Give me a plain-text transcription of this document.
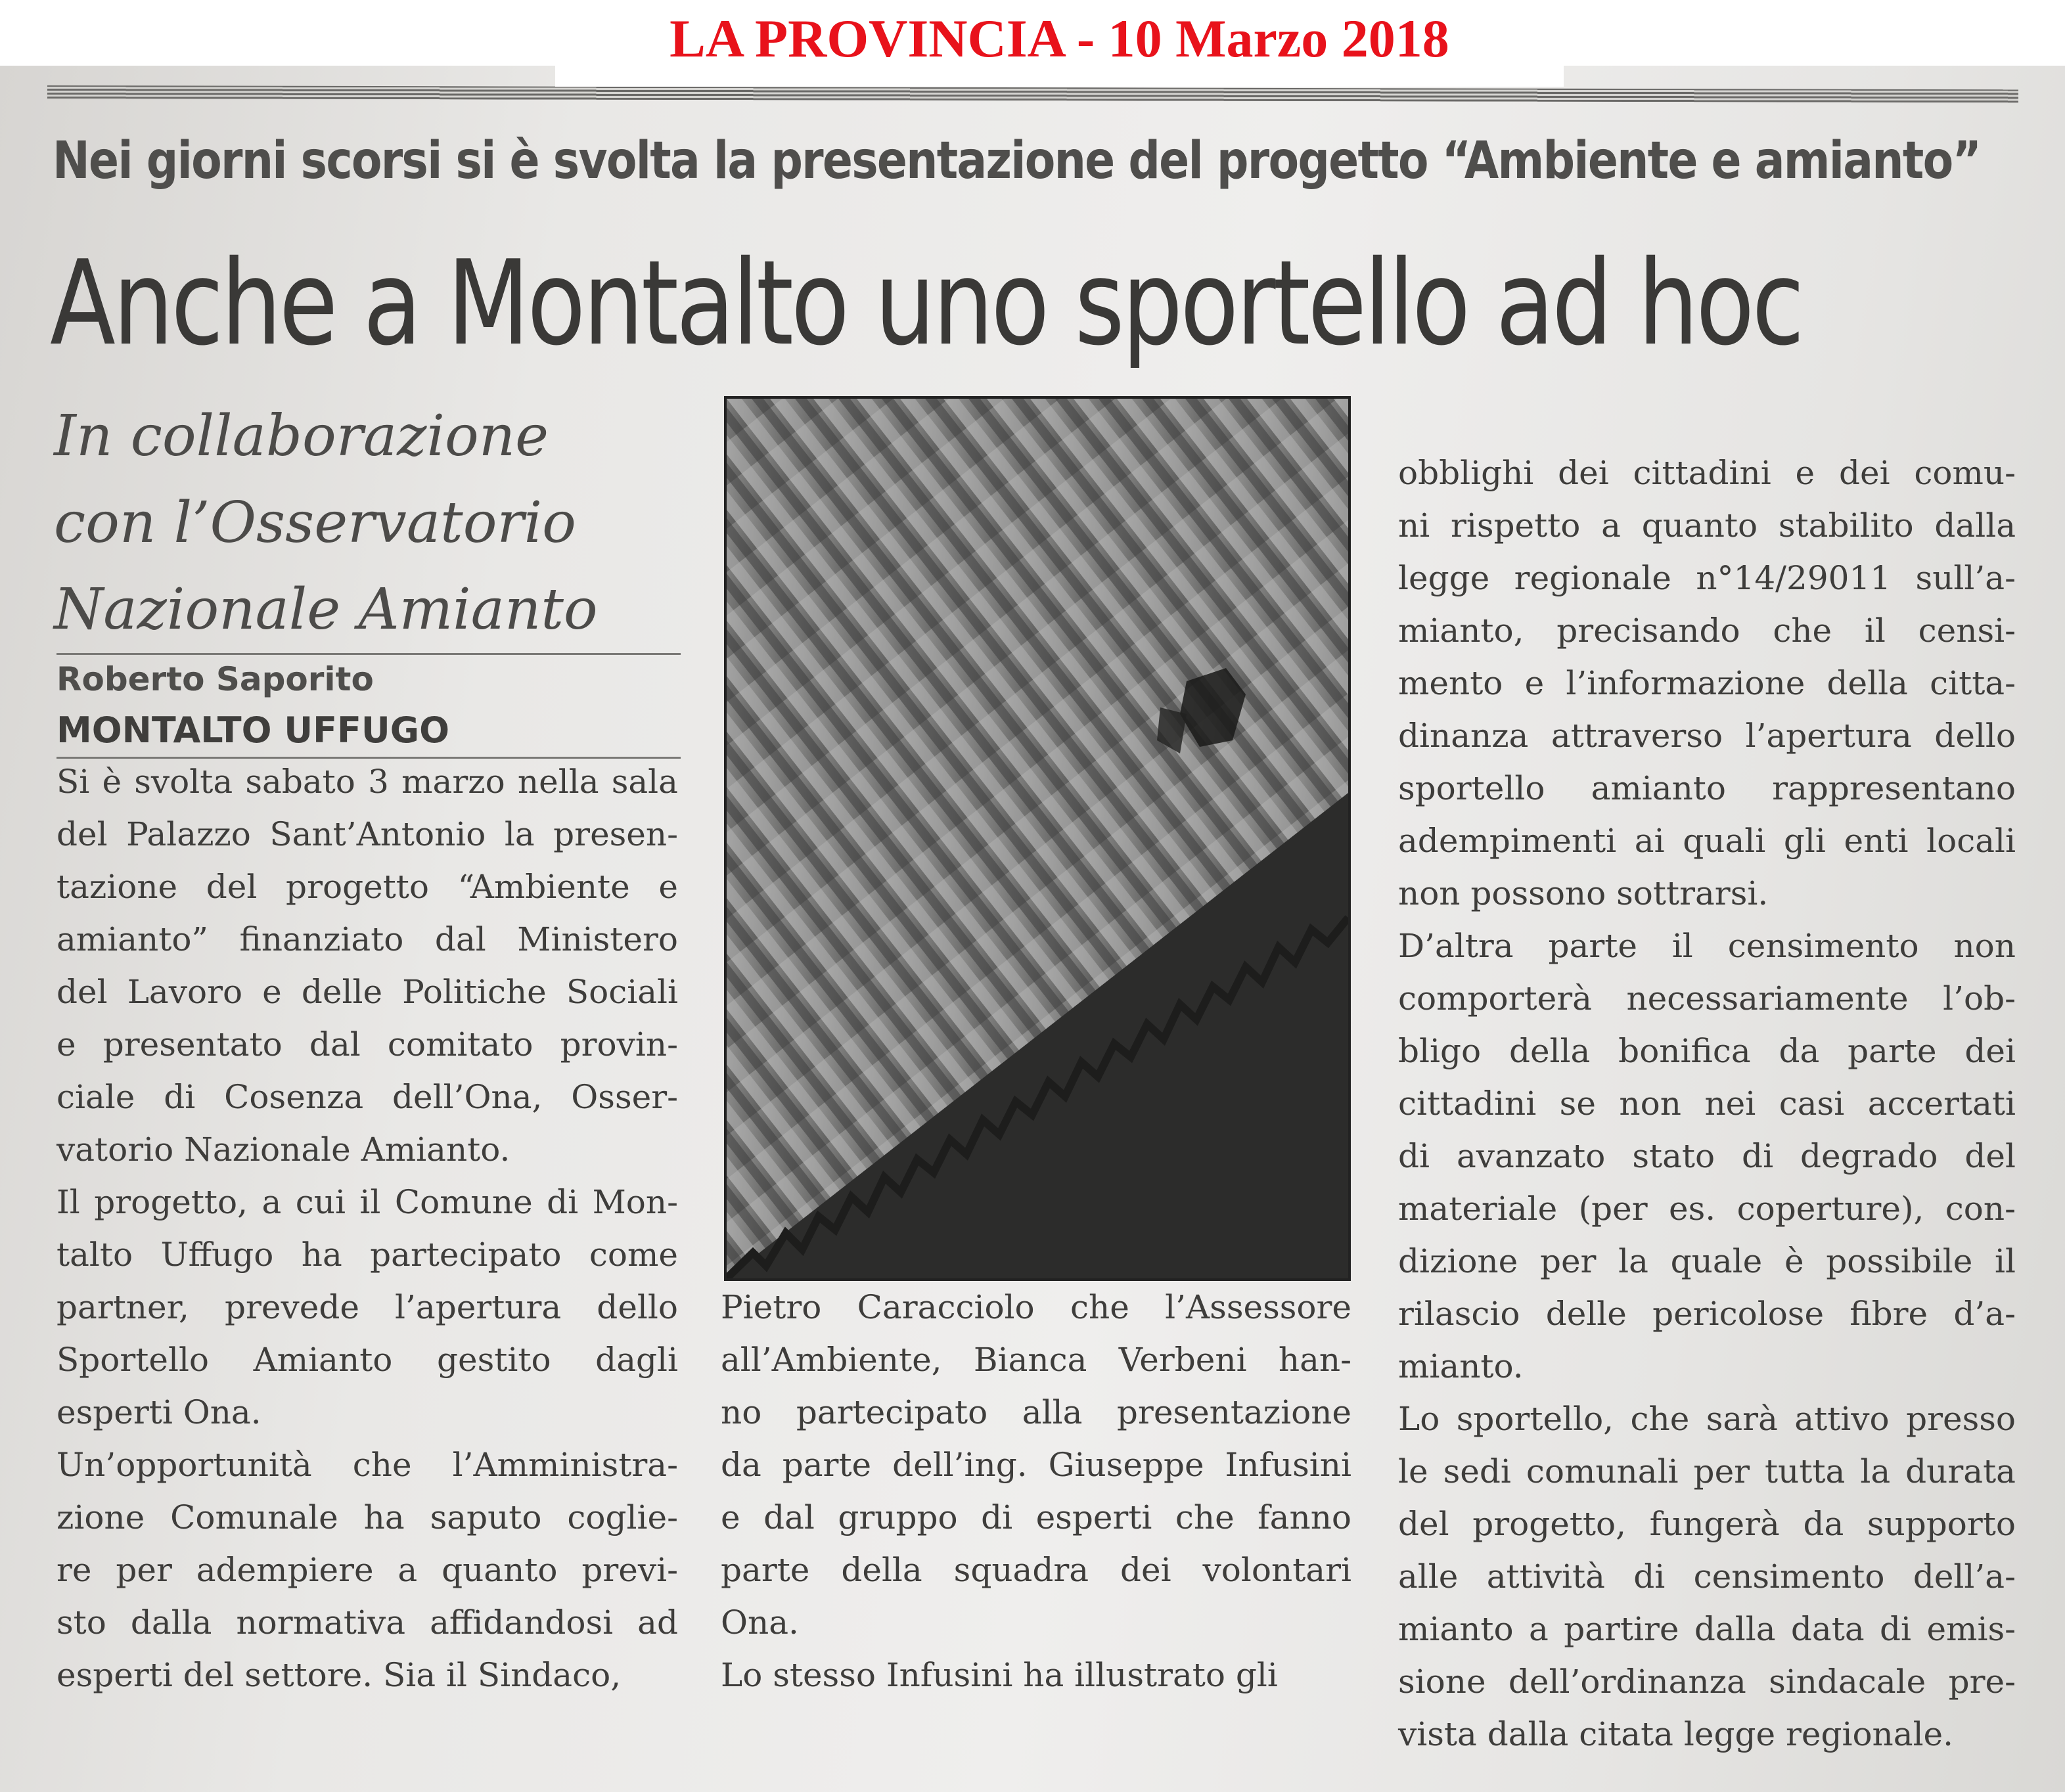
LA PROVINCIA - 10 Marzo 2018
Nei giorni scorsi si è svolta la presentazione del progetto “Ambiente e amianto”
Anche a Montalto uno sportello ad hoc
In collaborazione
con l’Osservatorio
Nazionale Amianto
Roberto Saporito
MONTALTO UFFUGO
Si è svolta sabato 3 marzo nella sala
del Palazzo Sant’Antonio la presen-
tazione del progetto “Ambiente e
amianto” finanziato dal Ministero
del Lavoro e delle Politiche Sociali
e presentato dal comitato provin-
ciale di Cosenza dell’Ona, Osser-
vatorio Nazionale Amianto.
Il progetto, a cui il Comune di Mon-
talto Uffugo ha partecipato come
partner, prevede l’apertura dello
Sportello Amianto gestito dagli
esperti Ona.
Un’opportunità che l’Amministra-
zione Comunale ha saputo coglie-
re per adempiere a quanto previ-
sto dalla normativa affidandosi ad
esperti del settore. Sia il Sindaco,
Pietro Caracciolo che l’Assessore
all’Ambiente, Bianca Verbeni han-
no partecipato alla presentazione
da parte dell’ing. Giuseppe Infusini
e dal gruppo di esperti che fanno
parte della squadra dei volontari
Ona.
Lo stesso Infusini ha illustrato gli
obblighi dei cittadini e dei comu-
ni rispetto a quanto stabilito dalla
legge regionale n°14/29011 sull’a-
mianto, precisando che il censi-
mento e l’informazione della citta-
dinanza attraverso l’apertura dello
sportello amianto rappresentano
adempimenti ai quali gli enti locali
non possono sottrarsi.
D’altra parte il censimento non
comporterà necessariamente l’ob-
bligo della bonifica da parte dei
cittadini se non nei casi accertati
di avanzato stato di degrado del
materiale (per es. coperture), con-
dizione per la quale è possibile il
rilascio delle pericolose fibre d’a-
mianto.
Lo sportello, che sarà attivo presso
le sedi comunali per tutta la durata
del progetto, fungerà da supporto
alle attività di censimento dell’a-
mianto a partire dalla data di emis-
sione dell’ordinanza sindacale pre-
vista dalla citata legge regionale.
